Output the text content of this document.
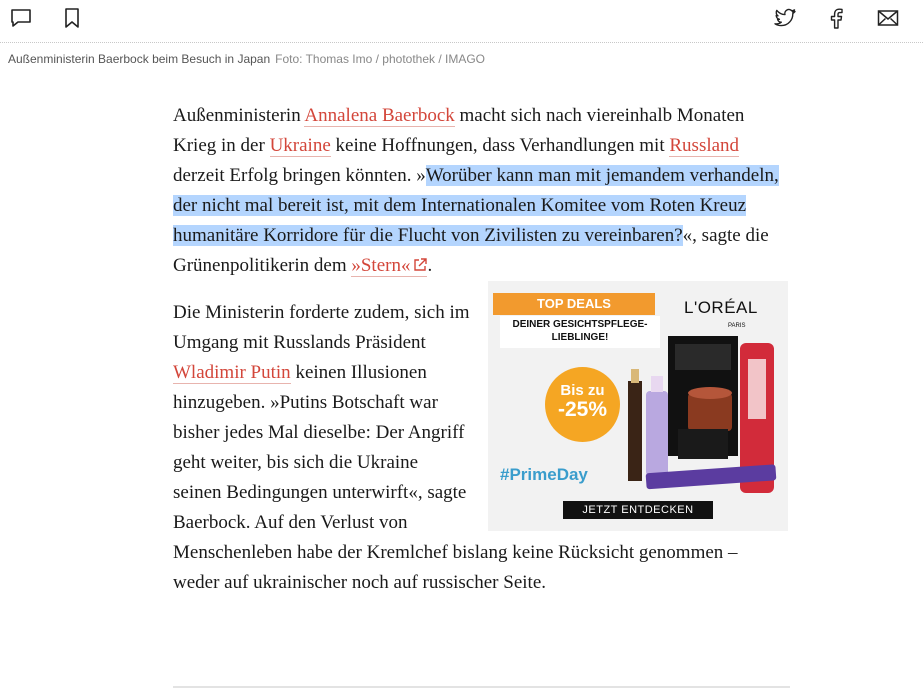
Außenministerin Baerbock beim Besuch in Japan Foto: Thomas Imo / photothek / IMAGO

Außenministerin Annalena Baerbock macht sich nach viereinhalb Monaten Krieg in der Ukraine keine Hoffnungen, dass Verhandlungen mit Russland derzeit Erfolg bringen könnten. »Worüber kann man mit jemandem verhandeln, der nicht mal bereit ist, mit dem Internationalen Komitee vom Roten Kreuz humanitäre Korridore für die Flucht von Zivilisten zu vereinbaren?«, sagte die Grünenpolitikerin dem »Stern« .

TOP DEALS
DEINER GESICHTSPFLEGE-
LIEBLINGE!
L'ORÉAL
PARIS
Bis zu
-25%
#PrimeDay
JETZT ENTDECKEN

Die Ministerin forderte zudem, sich im Umgang mit Russlands Präsident Wladimir Putin keinen Illusionen hinzugeben. »Putins Botschaft war bisher jedes Mal dieselbe: Der Angriff geht weiter, bis sich die Ukraine seinen Bedingungen unterwirft«, sagte Baerbock. Auf den Verlust von Menschenleben habe der Kremlchef bislang keine Rücksicht genommen – weder auf ukrainischer noch auf russischer Seite.
